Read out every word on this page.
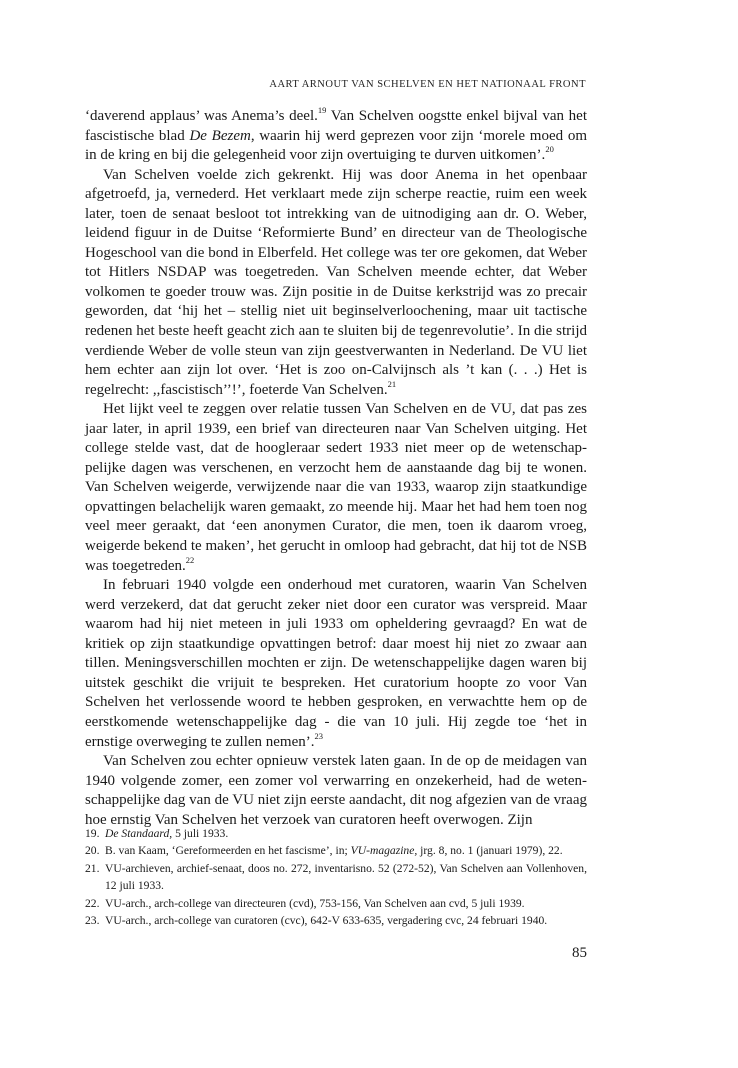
AART ARNOUT VAN SCHELVEN EN HET NATIONAAL FRONT

‘daverend applaus’ was Anema’s deel.$^{19}$ Van Schelven oogstte enkel bijval van het fascistische blad De Bezem, waarin hij werd geprezen voor zijn ‘morele moed om in de kring en bij die gelegenheid voor zijn overtuiging te durven uitkomen’.$^{20}$

Van Schelven voelde zich gekrenkt. Hij was door Anema in het openbaar afgetroefd, ja, vernederd. Het verklaart mede zijn scherpe reactie, ruim een week later, toen de senaat besloot tot intrekking van de uitnodiging aan dr. O. Weber, leidend figuur in de Duitse ‘Reformierte Bund’ en directeur van de Theologische Hogeschool van die bond in Elberfeld. Het college was ter ore gekomen, dat Weber tot Hitlers NSDAP was toegetreden. Van Schelven meende echter, dat Weber volkomen te goeder trouw was. Zijn positie in de Duitse kerkstrijd was zo precair geworden, dat ‘hij het – stellig niet uit beginselverloochening, maar uit tactische redenen het beste heeft geacht zich aan te sluiten bij de tegenrevolutie’. In die strijd verdiende Weber de volle steun van zijn geestverwanten in Nederland. De VU liet hem echter aan zijn lot over. ‘Het is zoo on-Calvijnsch als ’t kan (. . .) Het is regelrecht: ,,fascistisch’’!’, foeterde Van Schelven.$^{21}$

Het lijkt veel te zeggen over relatie tussen Van Schelven en de VU, dat pas zes jaar later, in april 1939, een brief van directeuren naar Van Schelven uitging. Het college stelde vast, dat de hoogleraar sedert 1933 niet meer op de wetenschappelijke dagen was verschenen, en verzocht hem de aanstaande dag bij te wonen. Van Schelven weigerde, verwijzende naar die van 1933, waarop zijn staatkundige opvattingen belachelijk waren gemaakt, zo meende hij. Maar het had hem toen nog veel meer geraakt, dat ‘een anonymen Curator, die men, toen ik daarom vroeg, weigerde bekend te maken’, het gerucht in omloop had gebracht, dat hij tot de NSB was toegetreden.$^{22}$

In februari 1940 volgde een onderhoud met curatoren, waarin Van Schelven werd verzekerd, dat dat gerucht zeker niet door een curator was verspreid. Maar waarom had hij niet meteen in juli 1933 om opheldering gevraagd? En wat de kritiek op zijn staatkundige opvattingen betrof: daar moest hij niet zo zwaar aan tillen. Meningsverschillen mochten er zijn. De wetenschappelijke dagen waren bij uitstek geschikt die vrijuit te bespreken. Het curatorium hoopte zo voor Van Schelven het verlossende woord te hebben gesproken, en verwachtte hem op de eerstkomende wetenschappelijke dag - die van 10 juli. Hij zegde toe ‘het in ernstige overweging te zullen nemen’.$^{23}$

Van Schelven zou echter opnieuw verstek laten gaan. In de op de meidagen van 1940 volgende zomer, een zomer vol verwarring en onzekerheid, had de wetenschappelijke dag van de VU niet zijn eerste aandacht, dit nog afgezien van de vraag hoe ernstig Van Schelven het verzoek van curatoren heeft overwogen. Zijn

19. De Standaard, 5 juli 1933.
20. B. van Kaam, ‘Gereformeerden en het fascisme’, in; VU-magazine, jrg. 8, no. 1 (januari 1979), 22.
21. VU-archieven, archief-senaat, doos no. 272, inventarisno. 52 (272-52), Van Schelven aan Vollenhoven, 12 juli 1933.
22. VU-arch., arch-college van directeuren (cvd), 753-156, Van Schelven aan cvd, 5 juli 1939.
23. VU-arch., arch-college van curatoren (cvc), 642-V 633-635, vergadering cvc, 24 februari 1940.
85
